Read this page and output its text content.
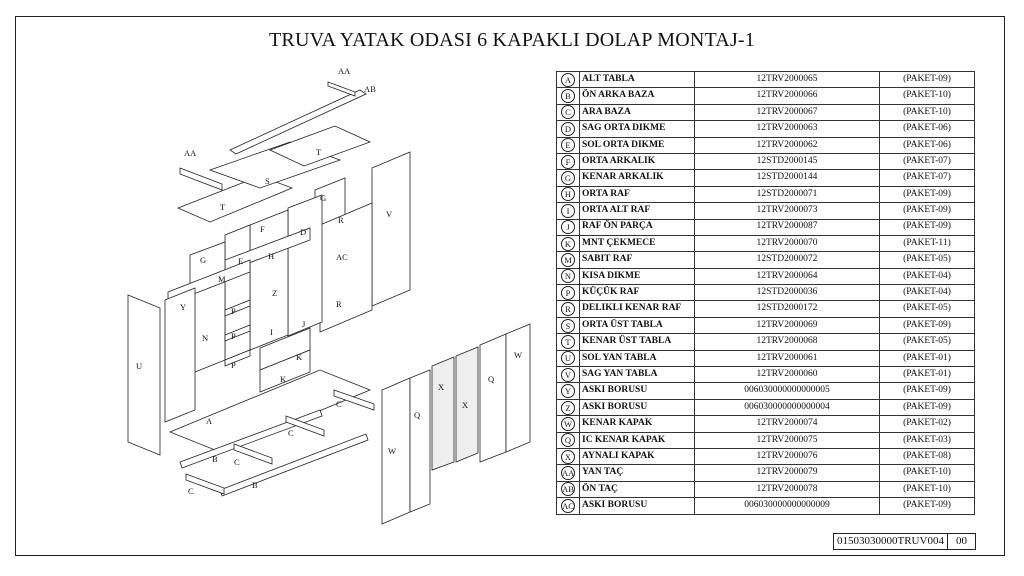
TRUVA YATAK ODASI 6 KAPAKLI DOLAP MONTAJ-1
AA
AB
AA	T
S
T
V
G
R
AC
R
D
F
E
G	H
M
Z
Y
N
P
P
P
I
J
K
K
U
A
C
C
C
C
B
B
W
W
Q
Q
X
X
A	ALT TABLA	12TRV2000065	(PAKET-09)
B	ÖN ARKA BAZA	12TRV2000066	(PAKET-10)
C	ARA BAZA	12TRV2000067	(PAKET-10)
D	SAG ORTA DIKME	12TRV2000063	(PAKET-06)
E	SOL ORTA DIKME	12TRV2000062	(PAKET-06)
F	ORTA ARKALIK	12STD2000145	(PAKET-07)
G	KENAR ARKALIK	12STD2000144	(PAKET-07)
H	ORTA RAF	12STD2000071	(PAKET-09)
I	ORTA ALT RAF	12TRV2000073	(PAKET-09)
J	RAF ÖN PARÇA	12TRV2000087	(PAKET-09)
K	MNT ÇEKMECE	12TRV2000070	(PAKET-11)
M	SABIT RAF	12STD2000072	(PAKET-05)
N	KISA DIKME	12TRV2000064	(PAKET-04)
P	KÜÇÜK RAF	12STD2000036	(PAKET-04)
R	DELIKLI KENAR RAF	12STD2000172	(PAKET-05)
S	ORTA ÜST TABLA	12TRV2000069	(PAKET-09)
T	KENAR ÜST TABLA	12TRV2000068	(PAKET-05)
U	SOL YAN TABLA	12TRV2000061	(PAKET-01)
V	SAG YAN TABLA	12TRV2000060	(PAKET-01)
Y	ASKI BORUSU	006030000000000005	(PAKET-09)
Z	ASKI BORUSU	006030000000000004	(PAKET-09)
W	KENAR KAPAK	12TRV2000074	(PAKET-02)
Q	IC KENAR KAPAK	12TRV2000075	(PAKET-03)
X	AYNALI KAPAK	12TRV2000076	(PAKET-08)
AA	YAN TAÇ	12TRV2000079	(PAKET-10)
AB	ÖN TAÇ	12TRV2000078	(PAKET-10)
AC	ASKI BORUSU	006030000000000009	(PAKET-09)
01503030000TRUV004	00
